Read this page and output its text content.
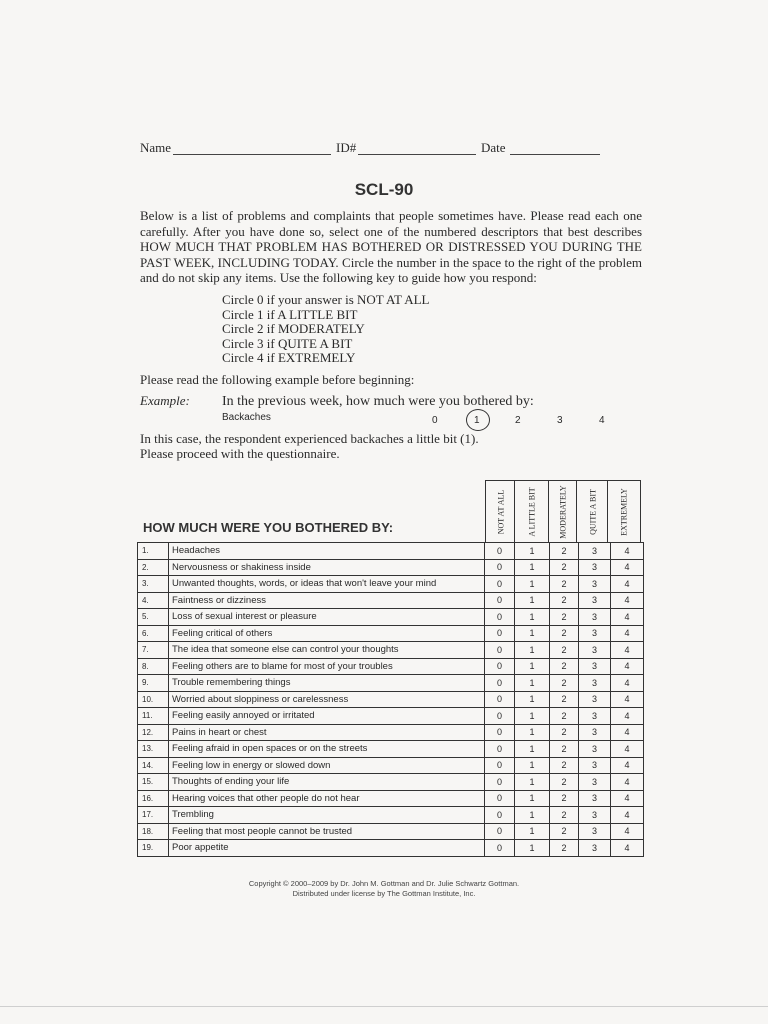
Name	ID#	Date
SCL-90
Below is a list of problems and complaints that people sometimes have. Please read each one carefully. After you have done so, select one of the numbered descriptors that best describes HOW MUCH THAT PROBLEM HAS BOTHERED OR DISTRESSED YOU DURING THE PAST WEEK, INCLUDING TODAY. Circle the number in the space to the right of the problem and do not skip any items. Use the following key to guide how you respond:
Circle 0 if your answer is NOT AT ALL
Circle 1 if A LITTLE BIT
Circle 2 if MODERATELY
Circle 3 if QUITE A BIT
Circle 4 if EXTREMELY
Please read the following example before beginning:
Example: In the previous week, how much were you bothered by:
Backaches	0	1	2	3	4
In this case, the respondent experienced backaches a little bit (1).
Please proceed with the questionnaire.
HOW MUCH WERE YOU BOTHERED BY:	NOT AT ALL	A LITTLE BIT	MODERATELY	QUITE A BIT	EXTREMELY
1.	Headaches	0	1	2	3	4
2.	Nervousness or shakiness inside	0	1	2	3	4
3.	Unwanted thoughts, words, or ideas that won't leave your mind	0	1	2	3	4
4.	Faintness or dizziness	0	1	2	3	4
5.	Loss of sexual interest or pleasure	0	1	2	3	4
6.	Feeling critical of others	0	1	2	3	4
7.	The idea that someone else can control your thoughts	0	1	2	3	4
8.	Feeling others are to blame for most of your troubles	0	1	2	3	4
9.	Trouble remembering things	0	1	2	3	4
10.	Worried about sloppiness or carelessness	0	1	2	3	4
11.	Feeling easily annoyed or irritated	0	1	2	3	4
12.	Pains in heart or chest	0	1	2	3	4
13.	Feeling afraid in open spaces or on the streets	0	1	2	3	4
14.	Feeling low in energy or slowed down	0	1	2	3	4
15.	Thoughts of ending your life	0	1	2	3	4
16.	Hearing voices that other people do not hear	0	1	2	3	4
17.	Trembling	0	1	2	3	4
18.	Feeling that most people cannot be trusted	0	1	2	3	4
19.	Poor appetite	0	1	2	3	4
Copyright © 2000–2009 by Dr. John M. Gottman and Dr. Julie Schwartz Gottman.
Distributed under license by The Gottman Institute, Inc.
